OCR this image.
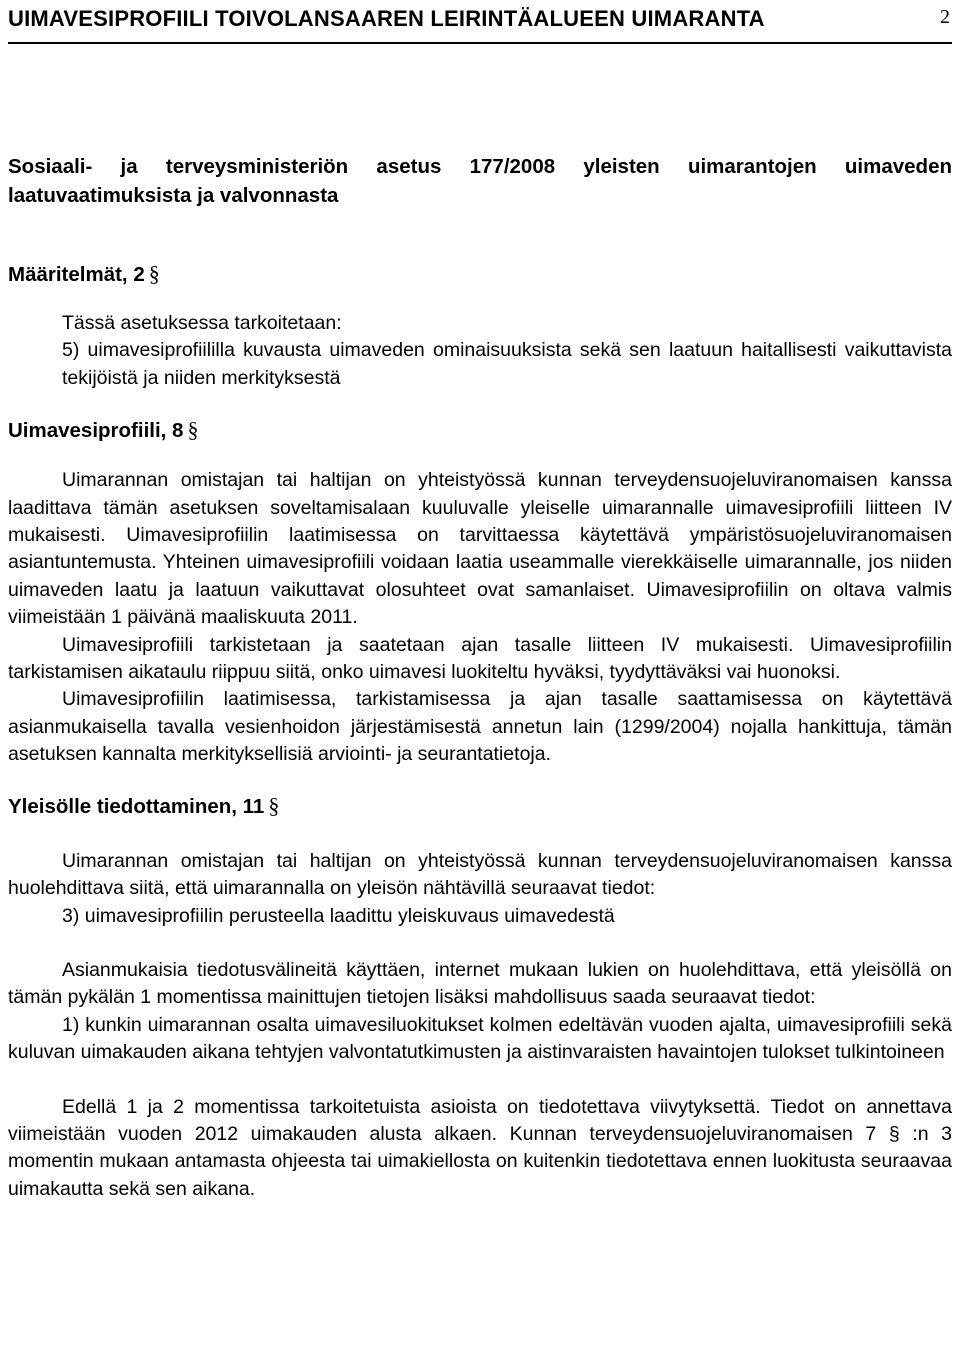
UIMAVESIPROFIILI TOIVOLANSAAREN LEIRINTÄALUEEN UIMARANTA	2

Sosiaali- ja terveysministeriön asetus 177/2008 yleisten uimarantojen uimaveden laatuvaatimuksista ja valvonnasta

Määritelmät, 2 §

Tässä asetuksessa tarkoitetaan:

5) uimavesiprofiililla kuvausta uimaveden ominaisuuksista sekä sen laatuun haitallisesti vaikuttavista tekijöistä ja niiden merkityksestä

Uimavesiprofiili, 8 §

Uimarannan omistajan tai haltijan on yhteistyössä kunnan terveydensuojeluviranomaisen kanssa laadittava tämän asetuksen soveltamisalaan kuuluvalle yleiselle uimarannalle uimavesiprofiili liitteen IV mukaisesti. Uimavesiprofiilin laatimisessa on tarvittaessa käytettävä ympäristösuojeluviranomaisen asiantuntemusta. Yhteinen uimavesiprofiili voidaan laatia useammalle vierekkäiselle uimarannalle, jos niiden uimaveden laatu ja laatuun vaikuttavat olosuhteet ovat samanlaiset. Uimavesiprofiilin on oltava valmis viimeistään 1 päivänä maaliskuuta 2011.

Uimavesiprofiili tarkistetaan ja saatetaan ajan tasalle liitteen IV mukaisesti. Uimavesiprofiilin tarkistamisen aikataulu riippuu siitä, onko uimavesi luokiteltu hyväksi, tyydyttäväksi vai huonoksi.

Uimavesiprofiilin laatimisessa, tarkistamisessa ja ajan tasalle saattamisessa on käytettävä asianmukaisella tavalla vesienhoidon järjestämisestä annetun lain (1299/2004) nojalla hankittuja, tämän asetuksen kannalta merkityksellisiä arviointi- ja seurantatietoja.

Yleisölle tiedottaminen, 11 §

Uimarannan omistajan tai haltijan on yhteistyössä kunnan terveydensuojeluviranomaisen kanssa huolehdittava siitä, että uimarannalla on yleisön nähtävillä seuraavat tiedot:

3) uimavesiprofiilin perusteella laadittu yleiskuvaus uimavedestä

Asianmukaisia tiedotusvälineitä käyttäen, internet mukaan lukien on huolehdittava, että yleisöllä on tämän pykälän 1 momentissa mainittujen tietojen lisäksi mahdollisuus saada seuraavat tiedot:

1) kunkin uimarannan osalta uimavesiluokitukset kolmen edeltävän vuoden ajalta, uimavesiprofiili sekä kuluvan uimakauden aikana tehtyjen valvontatutkimusten ja aistinvaraisten havaintojen tulokset tulkintoineen

Edellä 1 ja 2 momentissa tarkoitetuista asioista on tiedotettava viivytyksettä. Tiedot on annettava viimeistään vuoden 2012 uimakauden alusta alkaen. Kunnan terveydensuojeluviranomaisen 7 § :n 3 momentin mukaan antamasta ohjeesta tai uimakiellosta on kuitenkin tiedotettava ennen luokitusta seuraavaa uimakautta sekä sen aikana.
